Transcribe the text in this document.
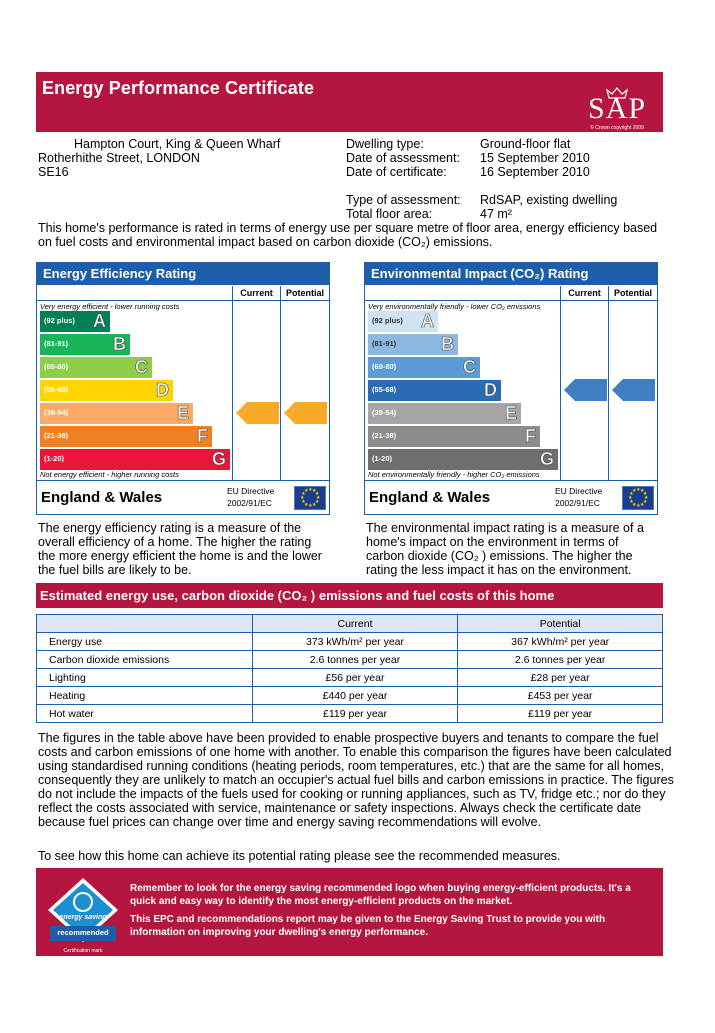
Energy Performance Certificate
SAP
© Crown copyright 2009
Hampton Court, King & Queen Wharf
Rotherhithe Street, LONDON
SE16
Dwelling type:	Ground-floor flat
Date of assessment: 15 September 2010
Date of certificate:	16 September 2010
Type of assessment: RdSAP, existing dwelling
Total floor area:	47 m²
This home's performance is rated in terms of energy use per square metre of floor area, energy efficiency based on fuel costs and environmental impact based on carbon dioxide (CO₂) emissions.
Energy Efficiency Rating
Current	Potential
Very energy efficient - lower running costs
Not energy efficient - higher running costs
(92 plus) A
(81-91) B
(69-80)	C
(55-68)	D
(39-54)	E
(21-38)	F
(1-20)	G
53	54
England & Wales	EU Directive
2002/91/EC	★
★
★
★
★
★
★
★
★ ★ ★
★
Environmental Impact (CO₂) Rating
Current	Potential
Very environmentally friendly - lower CO₂ emissions
Not environmentally friendly - higher CO₂ emissions
(92 plus) A
(81-91) B
(69-80)	C
(55-68)	D
(39-54)	E
(21-38)	F
(1-20)	G
62	62
England & Wales	EU Directive
2002/91/EC	★
★
★
★
★
★
★
★
★ ★ ★
★
The energy efficiency rating is a measure of the overall efficiency of a home. The higher the rating the more energy efficient the home is and the lower the fuel bills are likely to be.
The environmental impact rating is a measure of a home's impact on the environment in terms of carbon dioxide (CO₂ ) emissions. The higher the rating the less impact it has on the environment.
Estimated energy use, carbon dioxide (CO₂ ) emissions and fuel costs of this home
	Current	Potential
Energy use	373 kWh/m² per year	367 kWh/m² per year
Carbon dioxide emissions	2.6 tonnes per year	2.6 tonnes per year
Lighting	£56 per year	£28 per year
Heating	£440 per year	£453 per year
Hot water	£119 per year	£119 per year
The figures in the table above have been provided to enable prospective buyers and tenants to compare the fuel costs and carbon emissions of one home with another. To enable this comparison the figures have been calculated using standardised running conditions (heating periods, room temperatures, etc.) that are the same for all homes, consequently they are unlikely to match an occupier's actual fuel bills and carbon emissions in practice. The figures do not include the impacts of the fuels used for cooking or running appliances, such as TV, fridge etc.; nor do they reflect the costs associated with service, maintenance or safety inspections. Always check the certificate date because fuel prices can change over time and energy saving recommendations will evolve.
To see how this home can achieve its potential rating please see the recommended measures.
energy saving
recommended
Certification mark
Remember to look for the energy saving recommended logo when buying energy-efficient products. It's a quick and easy way to identify the most energy-efficient products on the market.
This EPC and recommendations report may be given to the Energy Saving Trust to provide you with information on improving your dwelling's energy performance.
